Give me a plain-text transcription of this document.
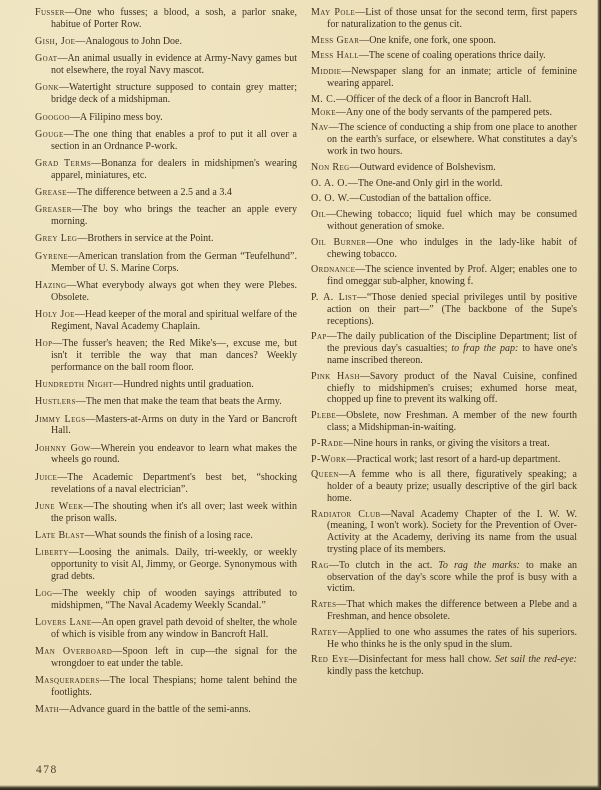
Fusser—One who fusses; a blood, a sosh, a parlor snake, habitue of Porter Row.
Gish, Joe—Analogous to John Doe.
Goat—An animal usually in evidence at Army-Navy games but not elsewhere, the royal Navy mascot.
Gonk—Watertight structure supposed to contain grey matter; bridge deck of a midshipman.
Googoo—A Filipino mess boy.
Gouge—The one thing that enables a prof to put it all over a section in an Ordnance P-work.
Grad Terms—Bonanza for dealers in midshipmen's wearing apparel, miniatures, etc.
Grease—The difference between a 2.5 and a 3.4
Greaser—The boy who brings the teacher an apple every morning.
Grey Leg—Brothers in service at the Point.
Gyrene—American translation from the German “Teufelhund”. Member of U. S. Marine Corps.
Hazing—What everybody always got when they were Plebes. Obsolete.
Holy Joe—Head keeper of the moral and spiritual welfare of the Regiment, Naval Academy Chaplain.
Hop—The fusser's heaven; the Red Mike's—, excuse me, but isn't it terrible the way that man dances? Weekly performance on the ball room floor.
Hundredth Night—Hundred nights until graduation.
Hustlers—The men that make the team that beats the Army.
Jimmy Legs—Masters-at-Arms on duty in the Yard or Bancroft Hall.
Johnny Gow—Wherein you endeavor to learn what makes the wheels go round.
Juice—The Academic Department's best bet, “shocking revelations of a naval electrician”.
June Week—The shouting when it's all over; last week within the prison walls.
Late Blast—What sounds the finish of a losing race.
Liberty—Loosing the animals. Daily, tri-weekly, or weekly opportunity to visit Al, Jimmy, or George. Synonymous with grad debts.
Log—The weekly chip of wooden sayings attributed to midshipmen, “The Naval Academy Weekly Scandal.”
Lovers Lane—An open gravel path devoid of shelter, the whole of which is visible from any window in Bancroft Hall.
Man Overboard—Spoon left in cup—the signal for the wrongdoer to eat under the table.
Masqueraders—The local Thespians; home talent behind the footlights.
Math—Advance guard in the battle of the semi-anns.
May Pole—List of those unsat for the second term, first papers for naturalization to the genus cit.
Mess Gear—One knife, one fork, one spoon.
Mess Hall—The scene of coaling operations thrice daily.
Middie—Newspaper slang for an inmate; article of feminine wearing apparel.
M. C.—Officer of the deck of a floor in Bancroft Hall.
Moke—Any one of the body servants of the pampered pets.
Nav—The science of conducting a ship from one place to another on the earth's surface, or elsewhere. What constitutes a day's work in two hours.
Non Reg—Outward evidence of Bolshevism.
O. A. O.—The One-and Only girl in the world.
O. O. W.—Custodian of the battalion office.
Oil—Chewing tobacco; liquid fuel which may be consumed without generation of smoke.
Oil Burner—One who indulges in the lady-like habit of chewing tobacco.
Ordnance—The science invented by Prof. Alger; enables one to find omeggar sub-alpher, knowing f.
P. A. List—“Those denied special privileges until by positive action on their part—” (The backbone of the Supe's receptions).
Pap—The daily publication of the Discipline Department; list of the previous day's casualties; to frap the pap: to have one's name inscribed thereon.
Pink Hash—Savory product of the Naval Cuisine, confined chiefly to midshipmen's cruises; exhumed horse meat, chopped up fine to prevent its walking off.
Plebe—Obslete, now Freshman. A member of the new fourth class; a Midshipman-in-waiting.
P-Rade—Nine hours in ranks, or giving the visitors a treat.
P-Work—Practical work; last resort of a hard-up department.
Queen—A femme who is all there, figuratively speaking; a holder of a beauty prize; usually descriptive of the girl back home.
Radiator Club—Naval Academy Chapter of the I. W. W. (meaning, I won't work). Society for the Prevention of Over-Activity at the Academy, deriving its name from the usual trysting place of its members.
Rag—To clutch in the act. To rag the marks: to make an observation of the day's score while the prof is busy with a victim.
Rates—That which makes the difference between a Plebe and a Freshman, and hence obsolete.
Ratey—Applied to one who assumes the rates of his superiors. He who thinks he is the only spud in the slum.
Red Eye—Disinfectant for mess hall chow. Set sail the red-eye: kindly pass the ketchup.
478
